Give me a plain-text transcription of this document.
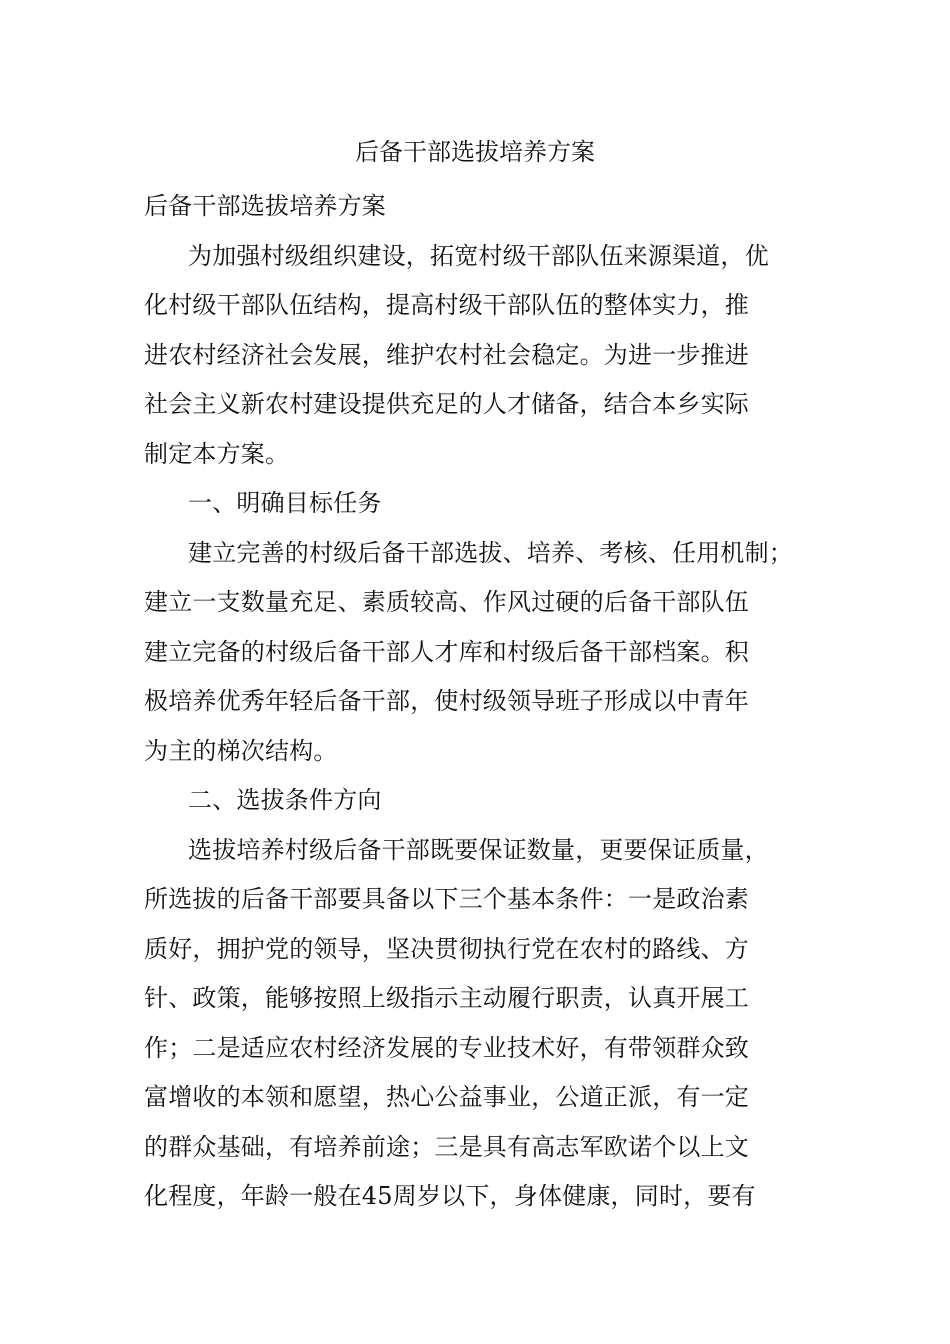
后备干部选拔培养方案
后备干部选拔培养方案
为加强村级组织建设，拓宽村级干部队伍来源渠道，优
化村级干部队伍结构，提高村级干部队伍的整体实力，推
进农村经济社会发展，维护农村社会稳定。为进一步推进
社会主义新农村建设提供充足的人才储备，结合本乡实际
制定本方案。
一、明确目标任务
建立完善的村级后备干部选拔、培养、考核、任用机制；
建立一支数量充足、素质较高、作风过硬的后备干部队伍
建立完备的村级后备干部人才库和村级后备干部档案。积
极培养优秀年轻后备干部，使村级领导班子形成以中青年
为主的梯次结构。
二、选拔条件方向
选拔培养村级后备干部既要保证数量，更要保证质量，
所选拔的后备干部要具备以下三个基本条件：一是政治素
质好，拥护党的领导，坚决贯彻执行党在农村的路线、方
针、政策，能够按照上级指示主动履行职责，认真开展工
作；二是适应农村经济发展的专业技术好，有带领群众致
富增收的本领和愿望，热心公益事业，公道正派，有一定
的群众基础，有培养前途；三是具有高志军欧诺个以上文
化程度，年龄一般在45周岁以下，身体健康，同时，要有
